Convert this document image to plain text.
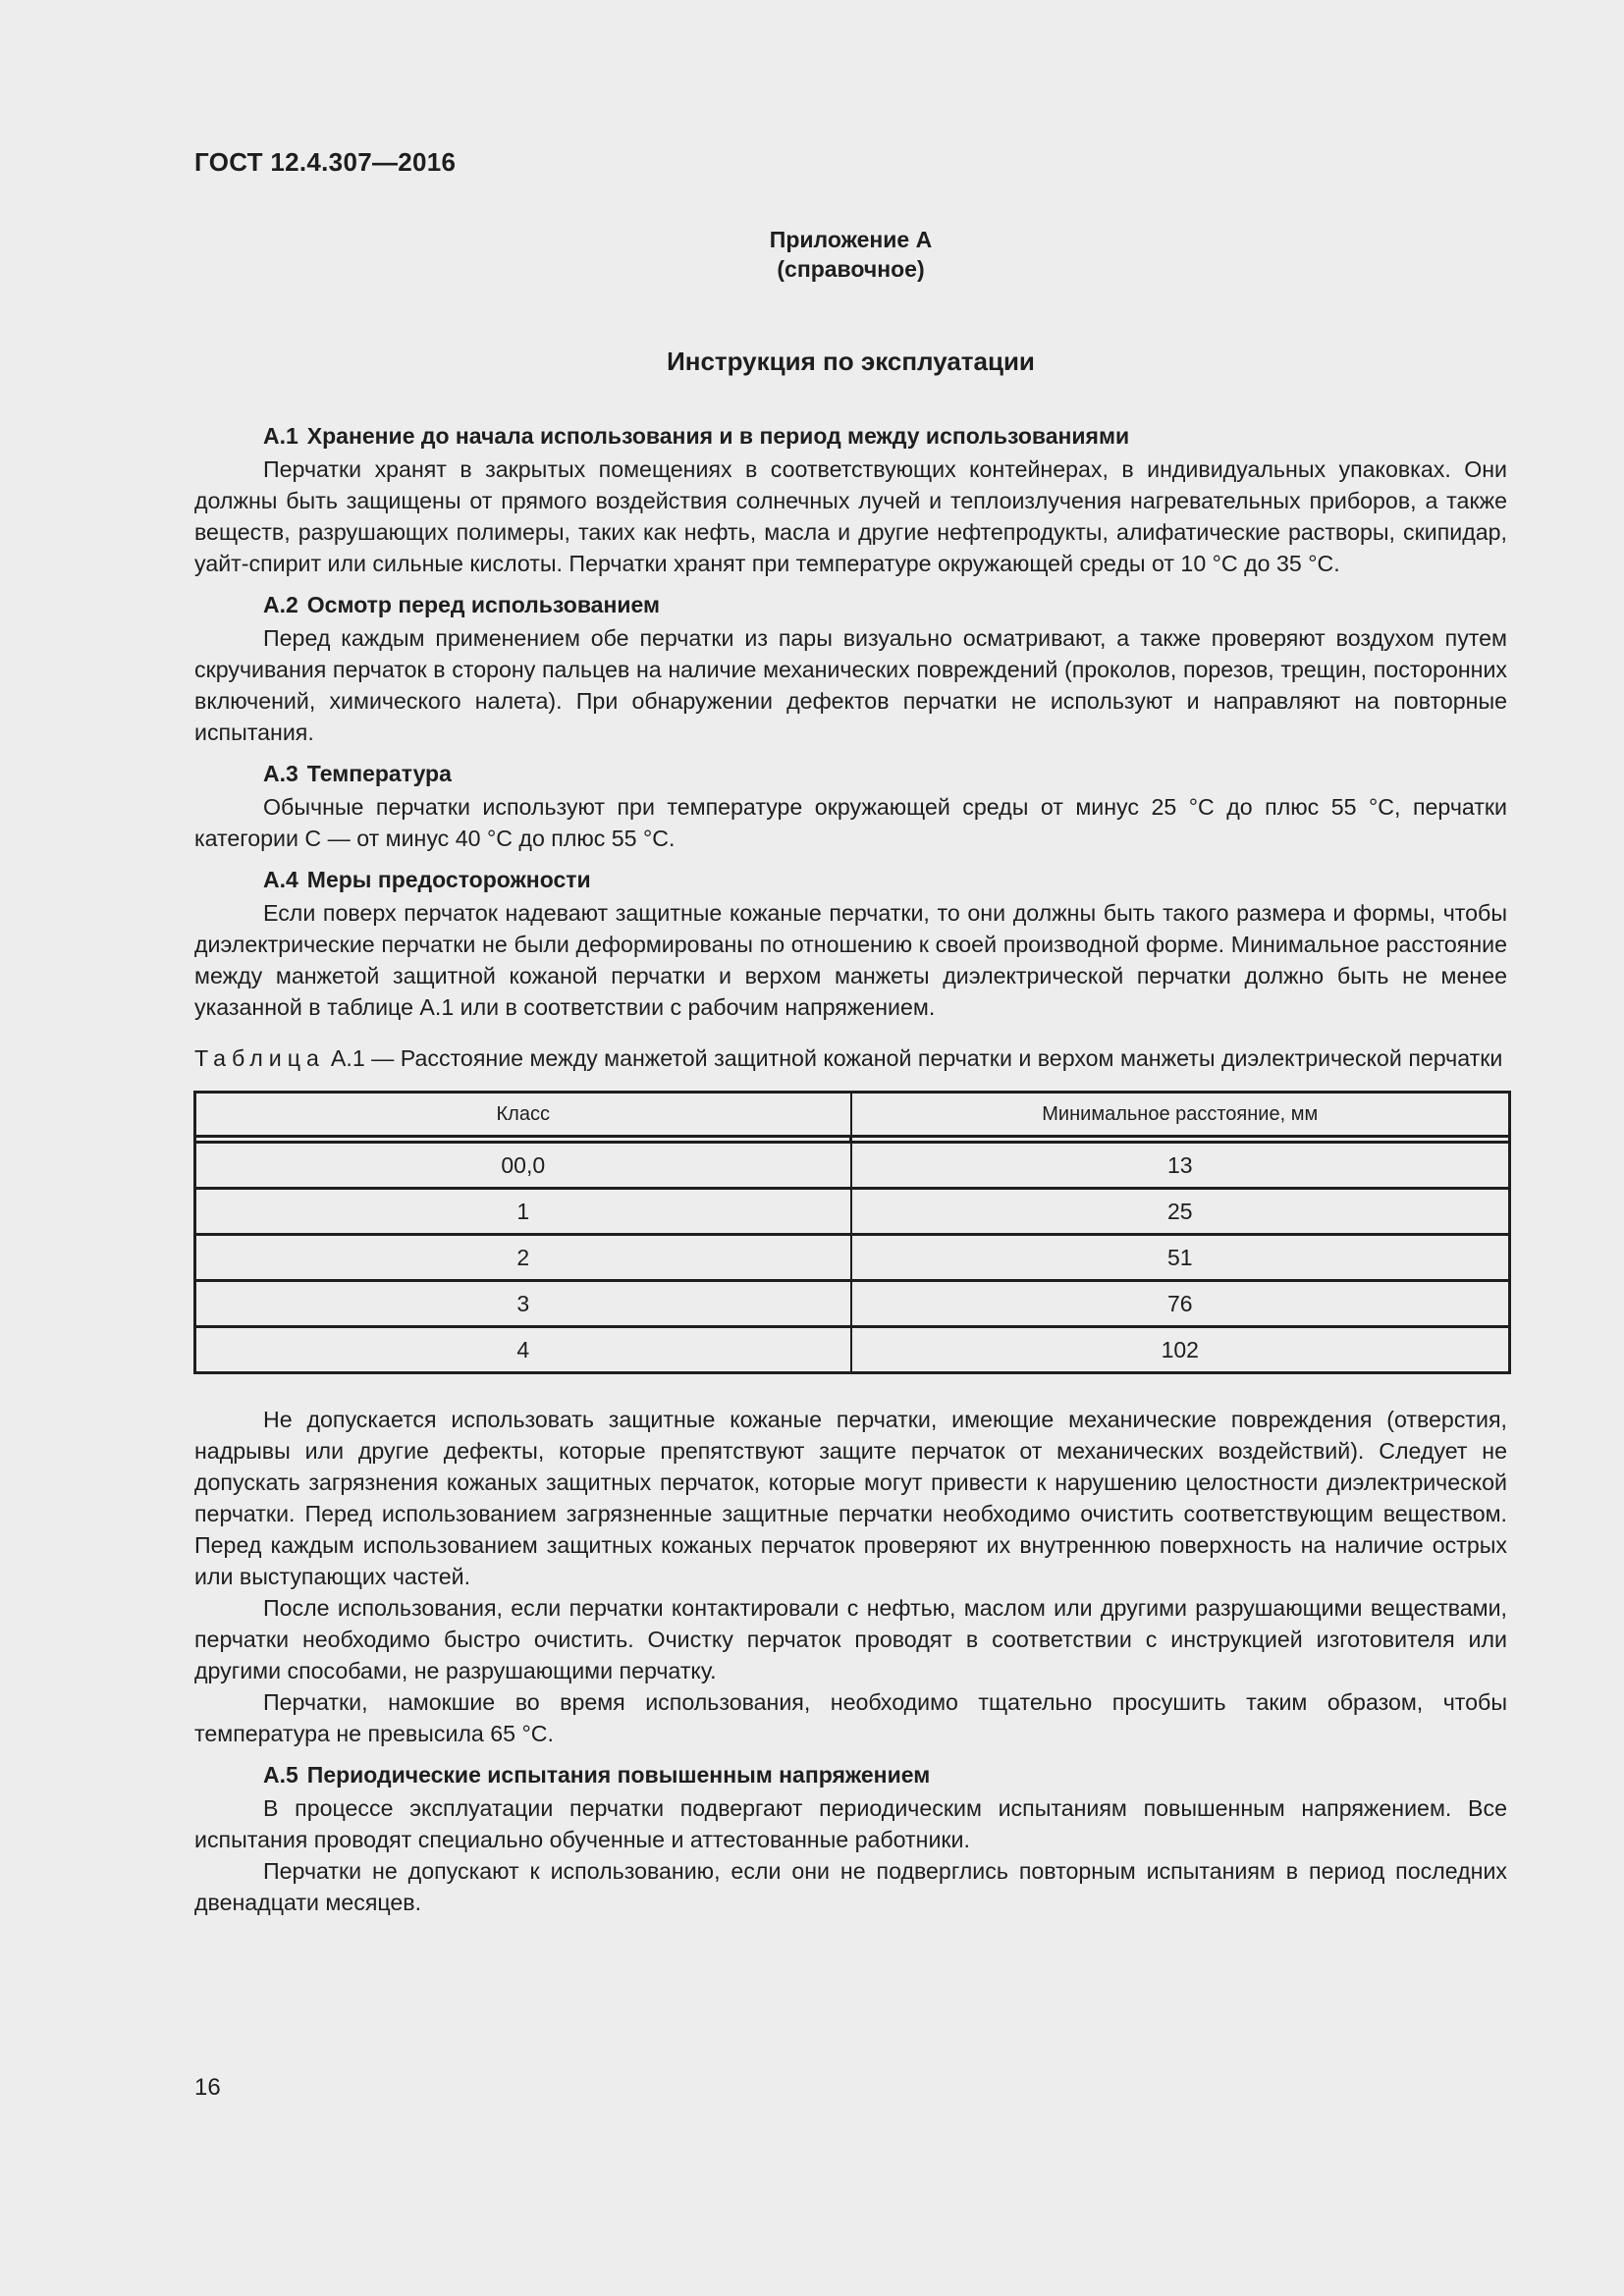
ГОСТ 12.4.307—2016
Приложение А
(справочное)
Инструкция по эксплуатации
А.1 Хранение до начала использования и в период между использованиями

Перчатки хранят в закрытых помещениях в соответствующих контейнерах, в индивидуальных упаковках. Они должны быть защищены от прямого воздействия солнечных лучей и теплоизлучения нагревательных приборов, а также веществ, разрушающих полимеры, таких как нефть, масла и другие нефтепродукты, алифатические растворы, скипидар, уайт-спирит или сильные кислоты. Перчатки хранят при температуре окружающей среды от 10 °С до 35 °С.

А.2 Осмотр перед использованием

Перед каждым применением обе перчатки из пары визуально осматривают, а также проверяют воздухом путем скручивания перчаток в сторону пальцев на наличие механических повреждений (проколов, порезов, трещин, посторонних включений, химического налета). При обнаружении дефектов перчатки не используют и направляют на повторные испытания.

А.3 Температура

Обычные перчатки используют при температуре окружающей среды от минус 25 °С до плюс 55 °С, перчатки категории С — от минус 40 °С до плюс 55 °С.

А.4 Меры предосторожности

Если поверх перчаток надевают защитные кожаные перчатки, то они должны быть такого размера и формы, чтобы диэлектрические перчатки не были деформированы по отношению к своей производной форме. Минимальное расстояние между манжетой защитной кожаной перчатки и верхом манжеты диэлектрической перчатки должно быть не менее указанной в таблице А.1 или в соответствии с рабочим напряжением.

Таблица А.1 — Расстояние между манжетой защитной кожаной перчатки и верхом манжеты диэлектрической перчатки

Класс	Минимальное расстояние, мм

00,0	13
1	25
2	51
3	76
4	102

Не допускается использовать защитные кожаные перчатки, имеющие механические повреждения (отверстия, надрывы или другие дефекты, которые препятствуют защите перчаток от механических воздействий). Следует не допускать загрязнения кожаных защитных перчаток, которые могут привести к нарушению целостности диэлектрической перчатки. Перед использованием загрязненные защитные перчатки необходимо очистить соответствующим веществом. Перед каждым использованием защитных кожаных перчаток проверяют их внутреннюю поверхность на наличие острых или выступающих частей.

После использования, если перчатки контактировали с нефтью, маслом или другими разрушающими веществами, перчатки необходимо быстро очистить. Очистку перчаток проводят в соответствии с инструкцией изготовителя или другими способами, не разрушающими перчатку.

Перчатки, намокшие во время использования, необходимо тщательно просушить таким образом, чтобы температура не превысила 65 °С.

А.5 Периодические испытания повышенным напряжением

В процессе эксплуатации перчатки подвергают периодическим испытаниям повышенным напряжением. Все испытания проводят специально обученные и аттестованные работники.

Перчатки не допускают к использованию, если они не подверглись повторным испытаниям в период последних двенадцати месяцев.

16
